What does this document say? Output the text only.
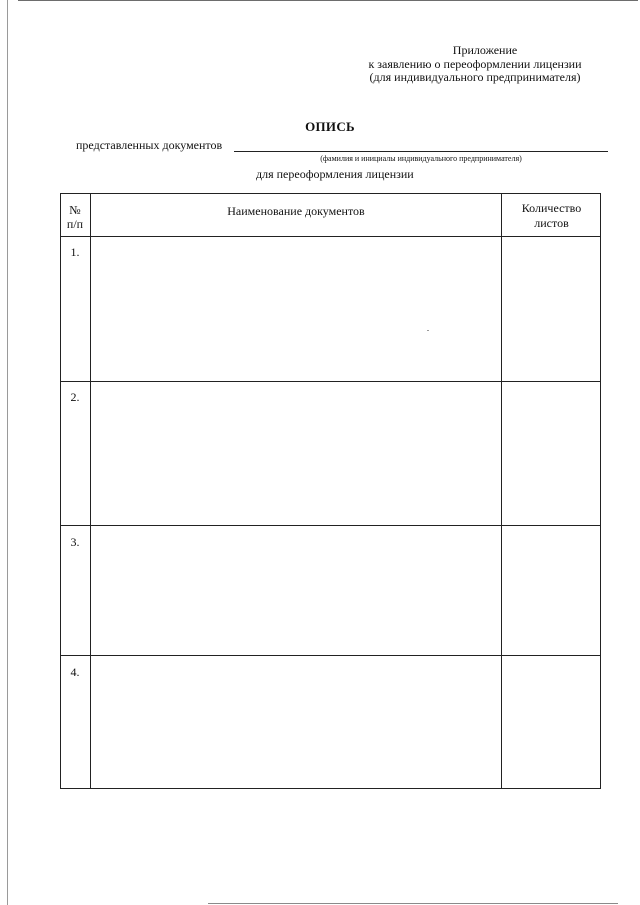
Приложение
к заявлению о переоформлении лицензии
(для индивидуального предпринимателя)
ОПИСЬ
представленных документов
(фамилия и инициалы индивидуального предпринимателя)
для переоформления лицензии
№
п/п
Наименование документов	Количество
листов
1.
2.
3.
4.
